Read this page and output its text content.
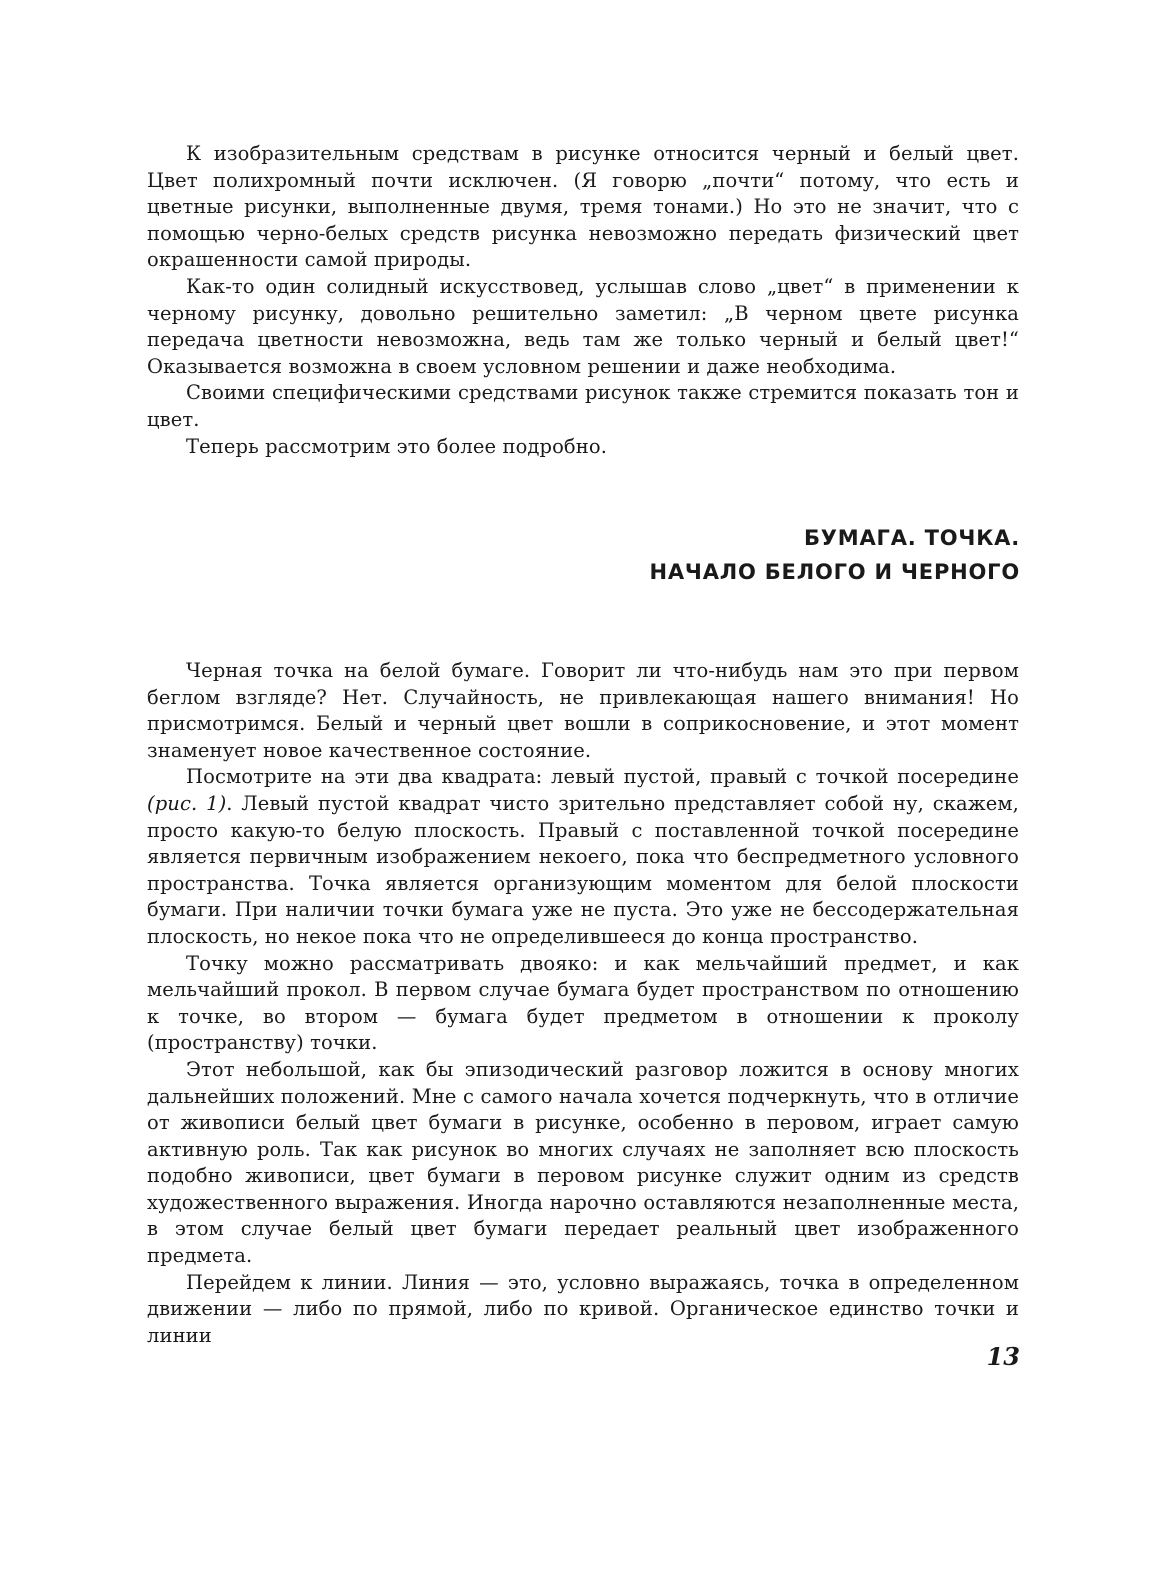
К изобразительным средствам в рисунке относится черный и белый цвет. Цвет полихромный почти исключен. (Я говорю „почти“ потому, что есть и цветные рисунки, выполненные двумя, тремя тонами.) Но это не значит, что с помощью черно-белых средств рисунка невозможно передать физический цвет окрашенности самой природы.

Как-то один солидный искусствовед, услышав слово „цвет“ в применении к черному рисунку, довольно решительно заметил: „В черном цвете рисунка передача цветности невозможна, ведь там же только черный и белый цвет!“ Оказывается возможна в своем условном решении и даже необходима.

Своими специфическими средствами рисунок также стремится показать тон и цвет.

Теперь рассмотрим это более подробно.

БУМАГА. ТОЧКА.
НАЧАЛО БЕЛОГО И ЧЕРНОГО

Черная точка на белой бумаге. Говорит ли что-нибудь нам это при первом беглом взгляде? Нет. Случайность, не привлекающая нашего внимания! Но присмотримся. Белый и черный цвет вошли в соприкосновение, и этот момент знаменует новое качественное состояние.

Посмотрите на эти два квадрата: левый пустой, правый с точкой посередине (рис. 1). Левый пустой квадрат чисто зрительно представляет собой ну, скажем, просто какую-то белую плоскость. Правый с поставленной точкой посередине является первичным изображением некоего, пока что беспредметного условного пространства. Точка является организующим моментом для белой плоскости бумаги. При наличии точки бумага уже не пуста. Это уже не бессодержательная плоскость, но некое пока что не определившееся до конца пространство.

Точку можно рассматривать двояко: и как мельчайший предмет, и как мельчайший прокол. В первом случае бумага будет пространством по отношению к точке, во втором — бумага будет предметом в отношении к проколу (пространству) точки.

Этот небольшой, как бы эпизодический разговор ложится в основу многих дальнейших положений. Мне с самого начала хочется подчеркнуть, что в отличие от живописи белый цвет бумаги в рисунке, особенно в перовом, играет самую активную роль. Так как рисунок во многих случаях не заполняет всю плоскость подобно живописи, цвет бумаги в перовом рисунке служит одним из средств художественного выражения. Иногда нарочно оставляются незаполненные места, в этом случае белый цвет бумаги передает реальный цвет изображенного предмета.

Перейдем к линии. Линия — это, условно выражаясь, точка в определенном движении — либо по прямой, либо по кривой. Органическое единство точки и линии

13
